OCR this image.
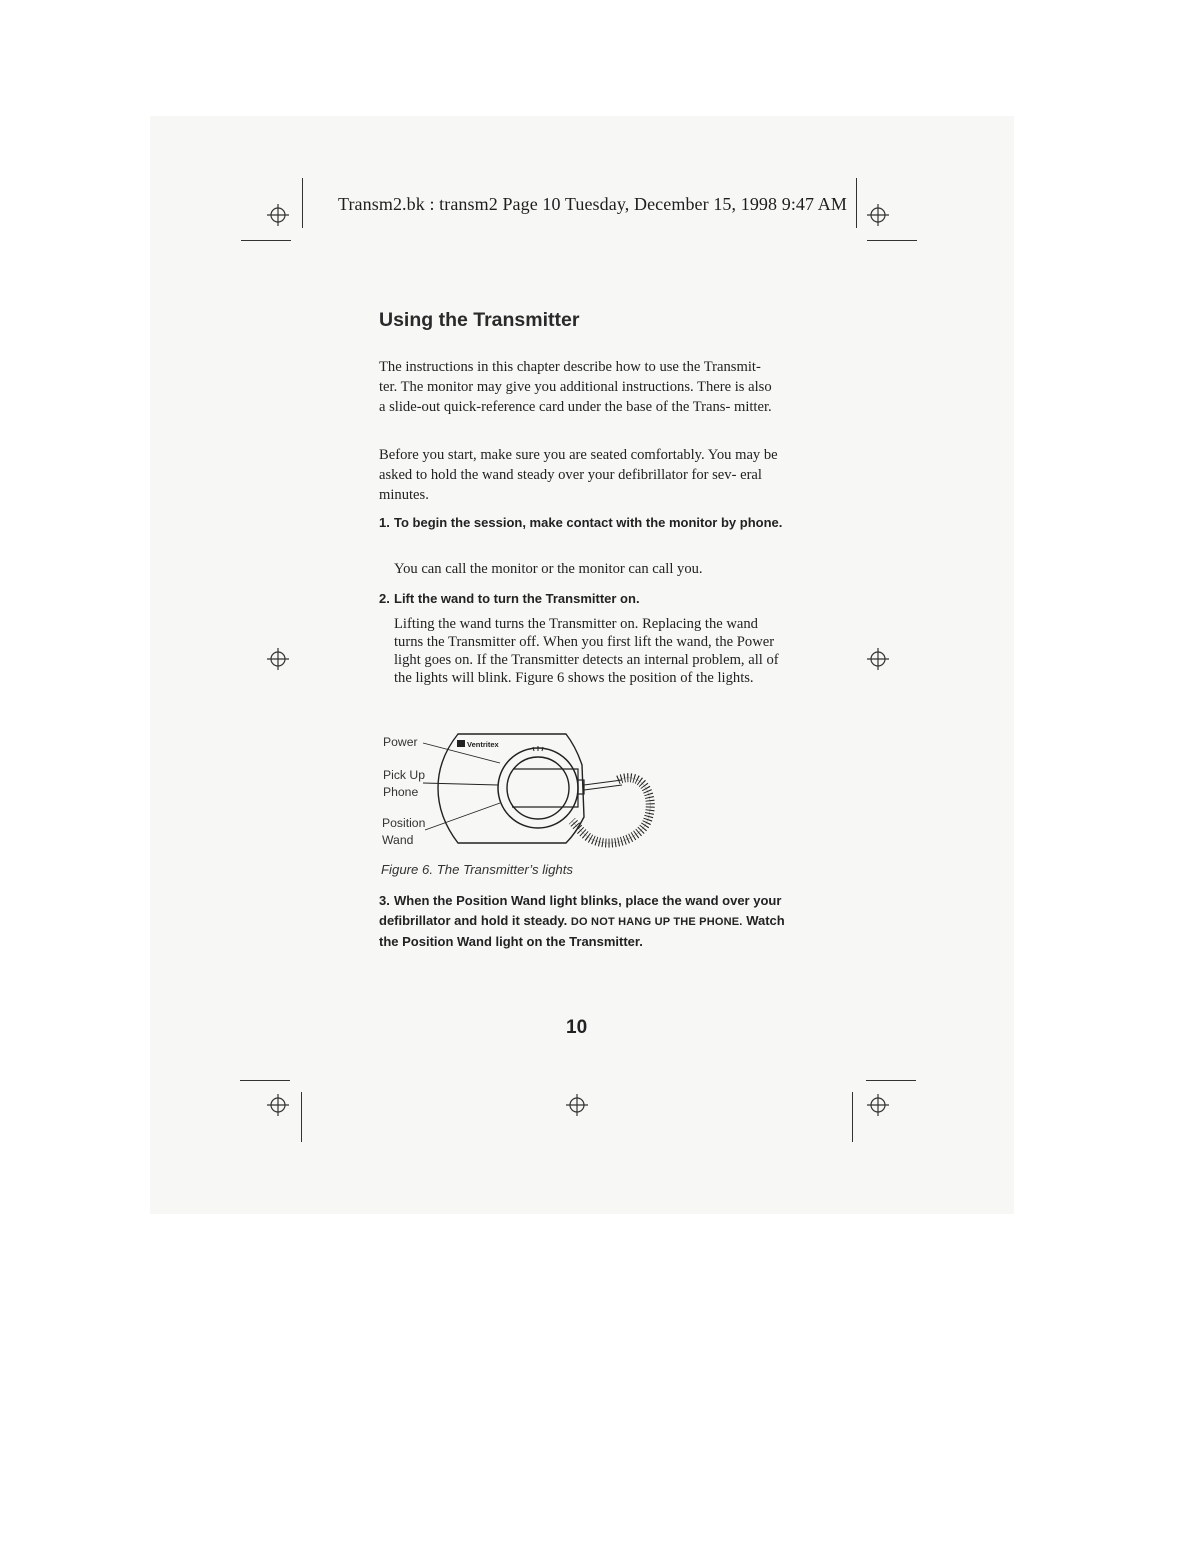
Transm2.bk : transm2 Page 10 Tuesday, December 15, 1998 9:47 AM
Using the Transmitter
The instructions in this chapter describe how to use the Transmit- ter. The monitor may give you additional instructions. There is also a slide-out quick-reference card under the base of the Trans- mitter.
Before you start, make sure you are seated comfortably. You may be asked to hold the wand steady over your defibrillator for sev- eral minutes.
1. To begin the session, make contact with the monitor by phone.
You can call the monitor or the monitor can call you.
2. Lift the wand to turn the Transmitter on.
Lifting the wand turns the Transmitter on. Replacing the wand turns the Transmitter off. When you first lift the wand, the Power light goes on. If the Transmitter detects an internal problem, all of the lights will blink. Figure 6 shows the position of the lights.
Power
Pick Up
Phone
Position
Wand
Ventritex
Figure 6. The Transmitter’s lights
3. When the Position Wand light blinks, place the wand over your defibrillator and hold it steady. DO NOT HANG UP THE PHONE. Watch the Position Wand light on the Transmitter.
10
